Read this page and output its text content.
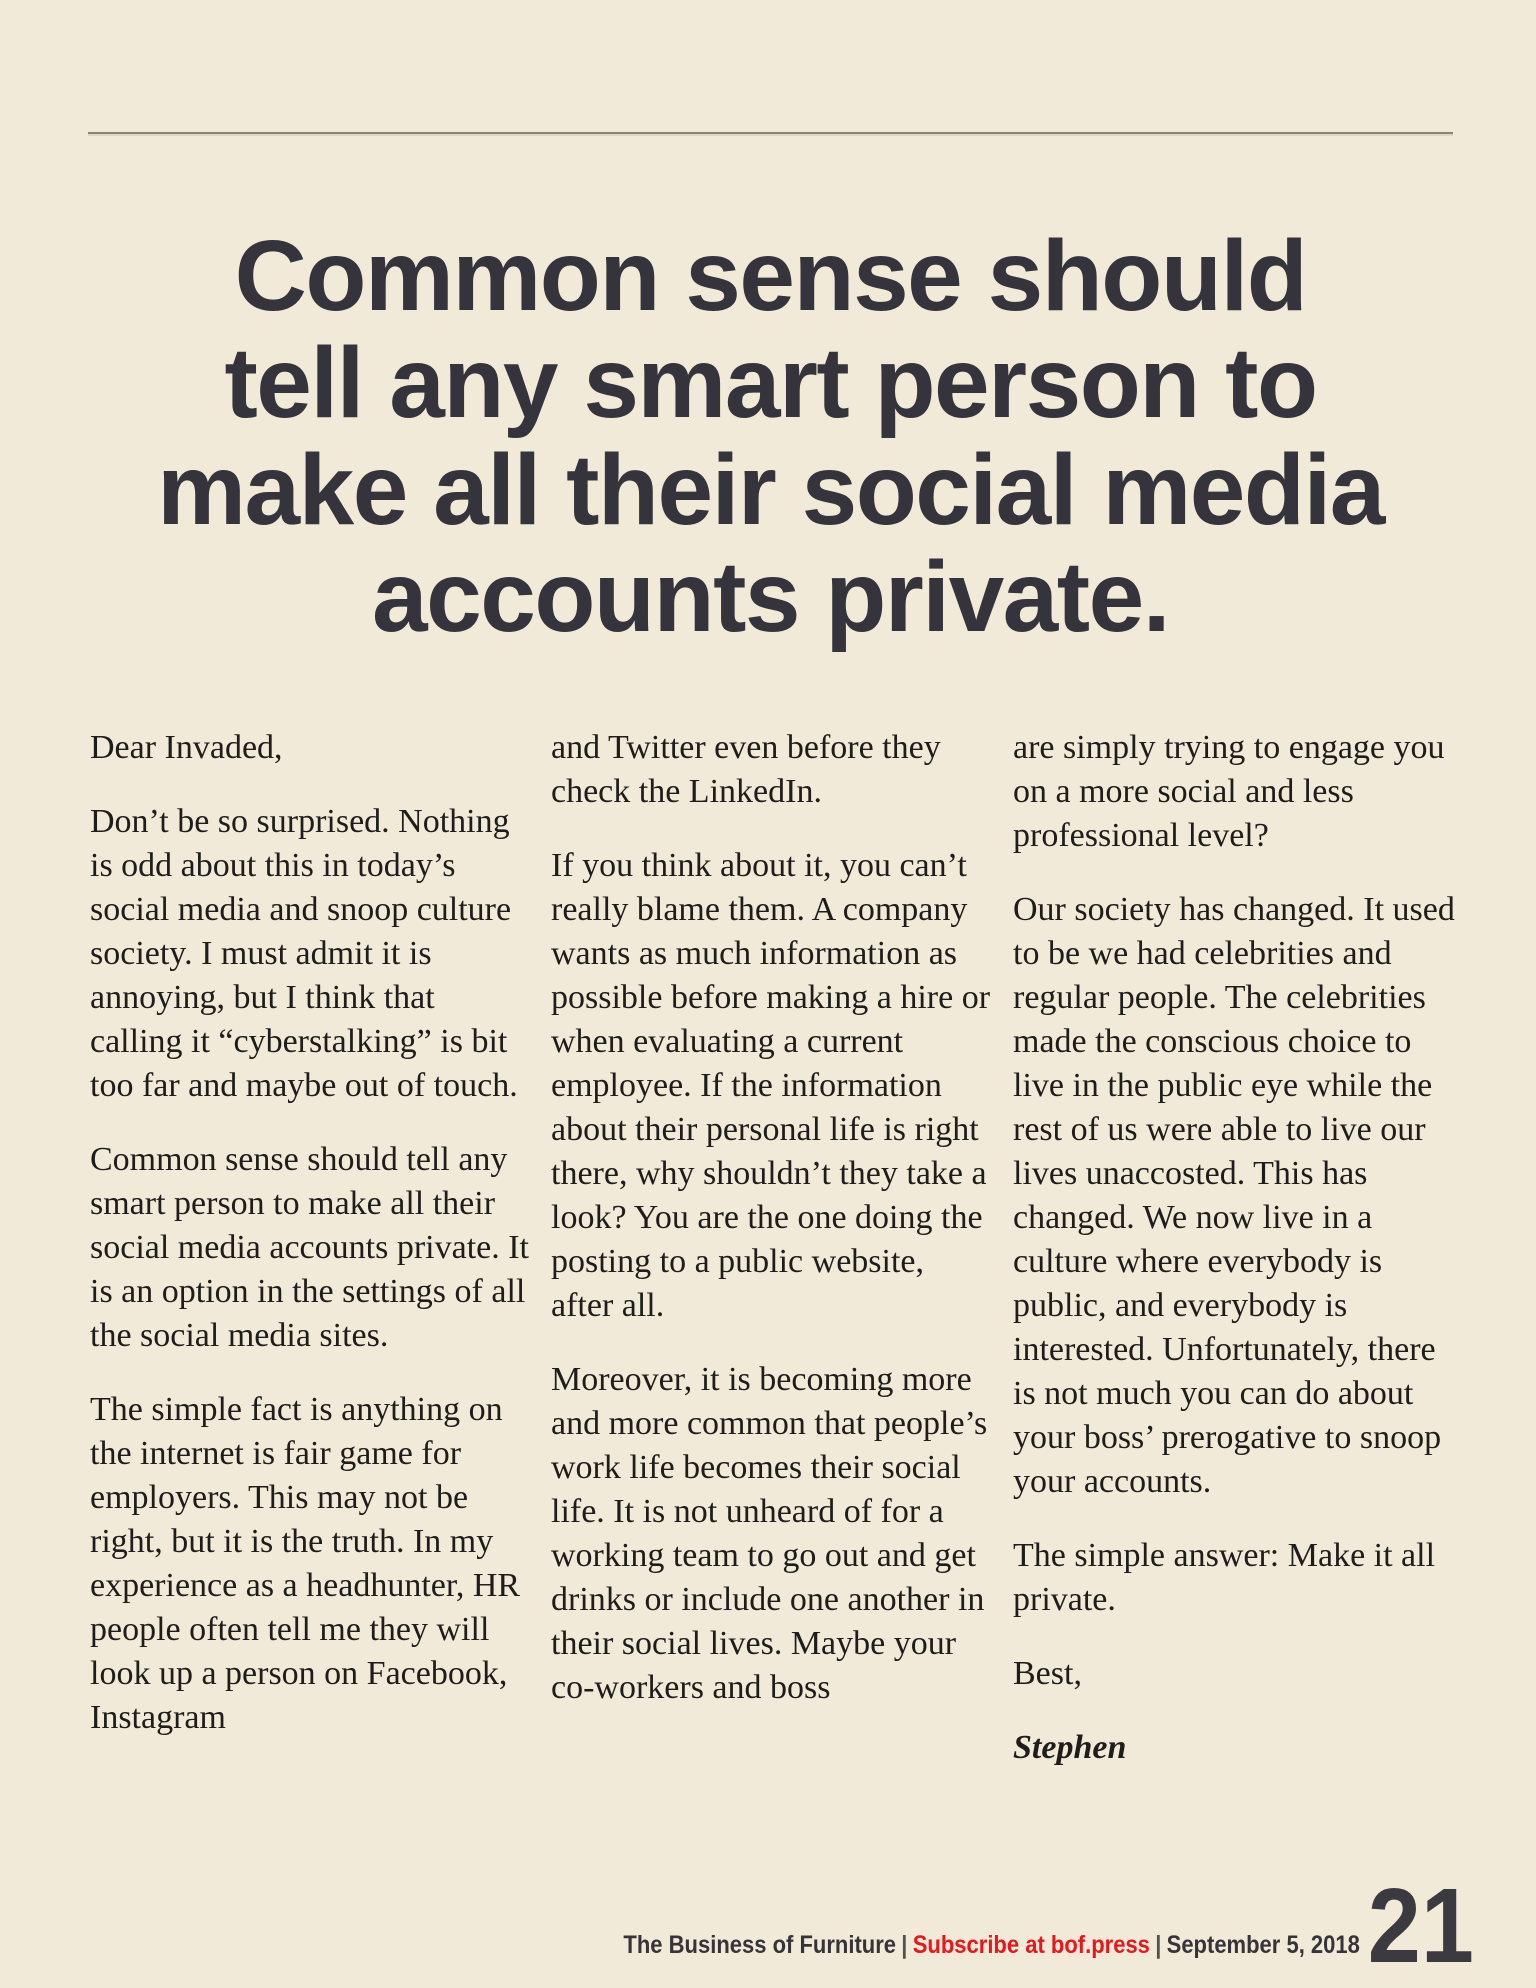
Common sense should
tell any smart person to
make all their social media
accounts private.

Dear Invaded,

Don’t be so surprised. Nothing is odd about this in today’s social media and snoop culture society. I must admit it is annoying, but I think that calling it “cyberstalking” is bit too far and maybe out of touch.

Common sense should tell any smart person to make all their social media accounts private. It is an option in the settings of all the social media sites.

The simple fact is anything on the internet is fair game for employers. This may not be right, but it is the truth. In my experience as a headhunter, HR people often tell me they will look up a person on Facebook, Instagram

and Twitter even before they check the LinkedIn.

If you think about it, you can’t really blame them. A company wants as much information as possible before making a hire or when evaluating a current employee. If the information about their personal life is right there, why shouldn’t they take a look? You are the one doing the posting to a public website, after all.

Moreover, it is becoming more and more common that people’s work life becomes their social life. It is not unheard of for a working team to go out and get drinks or include one another in their social lives. Maybe your co-workers and boss

are simply trying to engage you on a more social and less professional level?

Our society has changed. It used to be we had celebrities and regular people. The celebrities made the conscious choice to live in the public eye while the rest of us were able to live our lives unaccosted. This has changed. We now live in a culture where everybody is public, and everybody is interested. Unfortunately, there is not much you can do about your boss’ prerogative to snoop your accounts.

The simple answer: Make it all private.

Best,

Stephen

The Business of Furniture | Subscribe at bof.press | September 5, 2018 21
